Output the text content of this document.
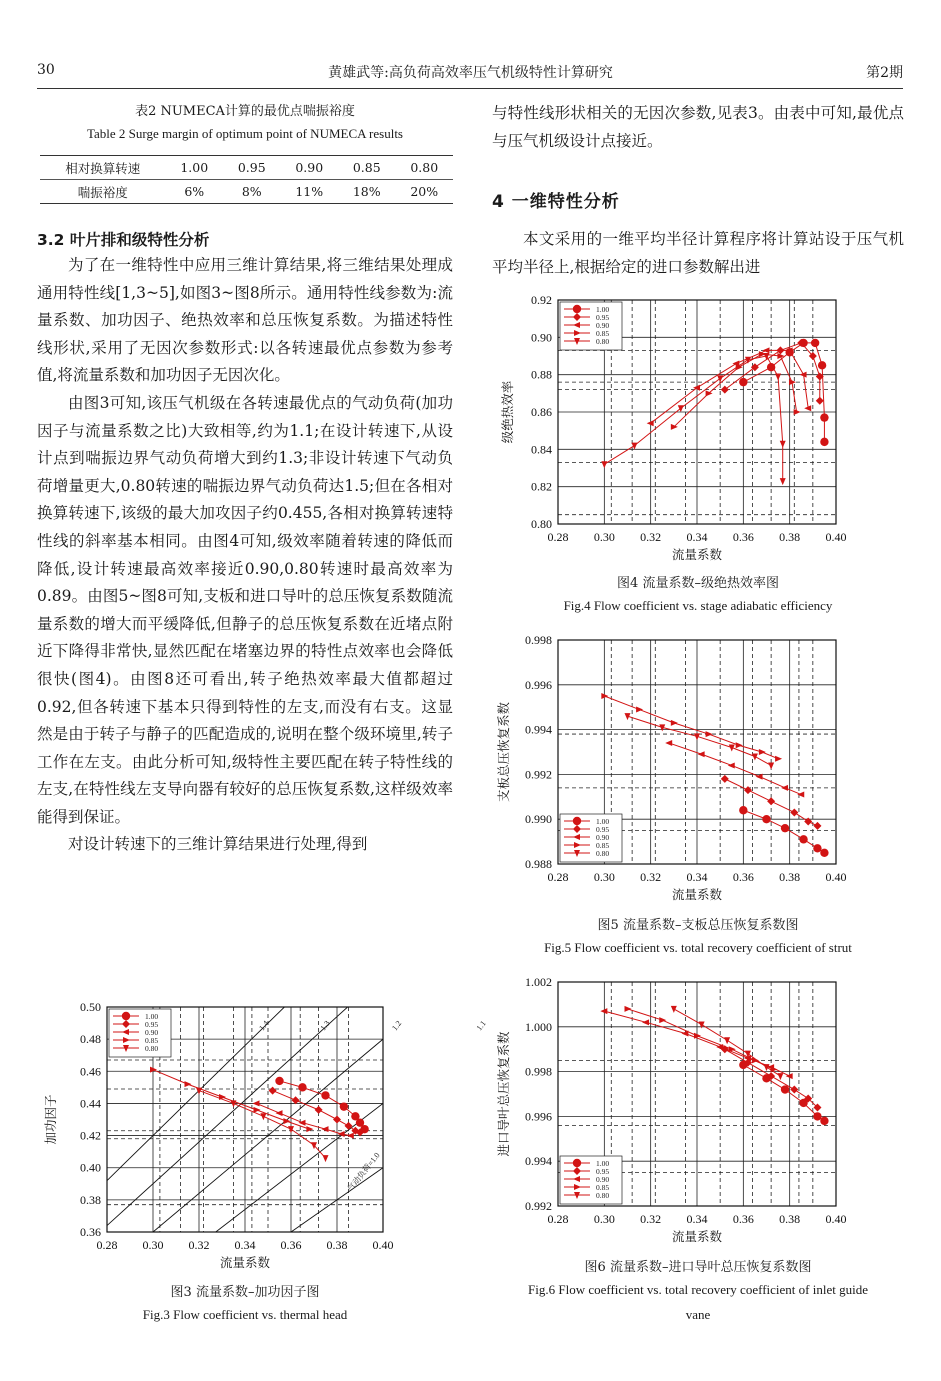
30	黄雄武等:高负荷高效率压气机级特性计算研究	第2期
表2 NUMECA计算的最优点喘振裕度
Table 2 Surge margin of optimum point of NUMECA results
相对换算转速	1.00	0.95	0.90	0.85	0.80
喘振裕度	6%	8%	11%	18%	20%
3.2 叶片排和级特性分析

为了在一维特性中应用三维计算结果,将三维结果处理成通用特性线[1,3~5],如图3~图8所示。通用特性线参数为:流量系数、加功因子、绝热效率和总压恢复系数。为描述特性线形状,采用了无因次参数形式:以各转速最优点参数为参考值,将流量系数和加功因子无因次化。

由图3可知,该压气机级在各转速最优点的气动负荷(加功因子与流量系数之比)大致相等,约为1.1;在设计转速下,从设计点到喘振边界气动负荷增大到约1.3;非设计转速下气动负荷增量更大,0.80转速的喘振边界气动负荷达1.5;但在各相对换算转速下,该级的最大加攻因子约0.455,各相对换算转速特性线的斜率基本相同。由图4可知,级效率随着转速的降低而降低,设计转速最高效率接近0.90,0.80转速时最高效率为0.89。由图5~图8可知,支板和进口导叶的总压恢复系数随流量系数的增大而平缓降低,但静子的总压恢复系数在近堵点附近下降得非常快,显然匹配在堵塞边界的特性点效率也会降低很快(图4)。由图8还可看出,转子绝热效率最大值都超过0.92,但各转速下基本只得到特性的左支,而没有右支。这显然是由于转子与静子的匹配造成的,说明在整个级环境里,转子工作在左支。由此分析可知,级特性主要匹配在转子特性线的左支,在特性线左支导向器有较好的总压恢复系数,这样级效率能得到保证。

对设计转速下的三维计算结果进行处理,得到

1.4	1.3	1.2	1.1
气动负荷=1.0
0.28 0.30 0.32 0.34 0.36 0.38 0.40
0.36
0.38
0.40
0.42
0.44
0.46
0.48
0.50
流量系数
加功因子
1.00
0.95
0.90
0.85
0.80
图3 流量系数–加功因子图
Fig.3 Flow coefficient vs. thermal head

与特性线形状相关的无因次参数,见表3。由表中可知,最优点与压气机级设计点接近。

4 一维特性分析

本文采用的一维平均半径计算程序将计算站设于压气机平均半径上,根据给定的进口参数解出进

0.28 0.30 0.32 0.34 0.36 0.38 0.40
0.80
0.82
0.84
0.86
0.88
0.90
0.92
流量系数
级绝热效率
1.00
0.95
0.90
0.85
0.80
图4 流量系数–级绝热效率图
Fig.4 Flow coefficient vs. stage adiabatic efficiency
0.28 0.30 0.32 0.34 0.36 0.38 0.40
0.988
0.990
0.992
0.994
0.996
0.998
流量系数
支板总压恢复系数
1.00
0.95
0.90
0.85
0.80
图5 流量系数–支板总压恢复系数图
Fig.5 Flow coefficient vs. total recovery coefficient of strut
0.28 0.30 0.32 0.34 0.36 0.38 0.40
0.992
0.994
0.996
0.998
1.000
1.002
流量系数
进口导叶总压恢复系数
1.00
0.95
0.90
0.85
0.80
图6 流量系数–进口导叶总压恢复系数图
Fig.6 Flow coefficient vs. total recovery coefficient of inlet guide
vane
